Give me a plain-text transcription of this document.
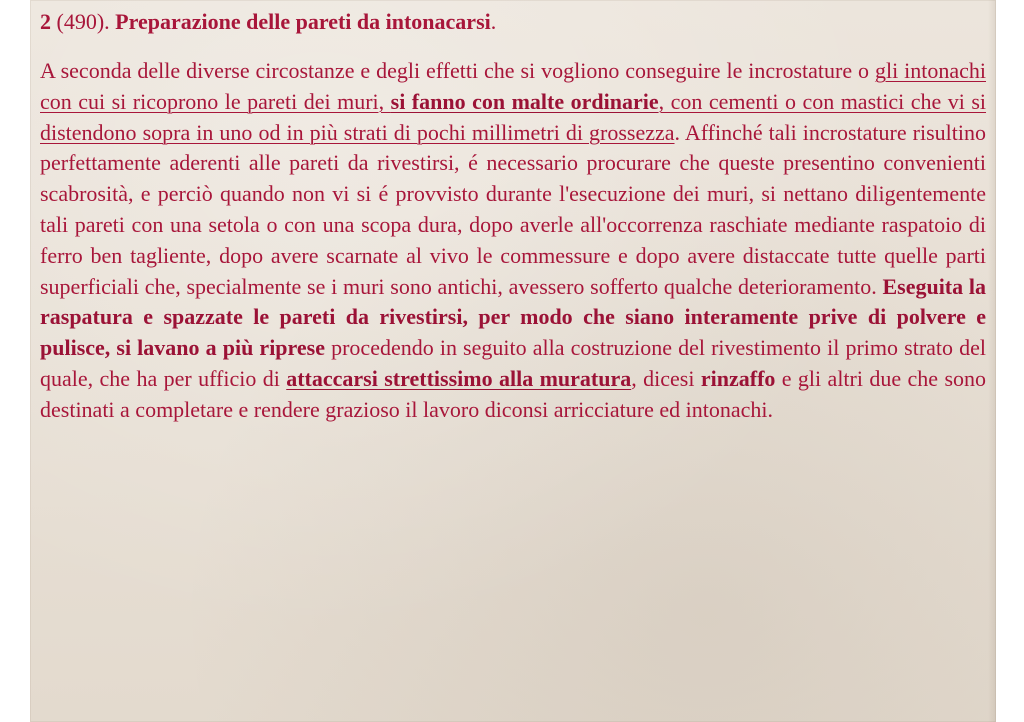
2 (490). Preparazione delle pareti da intonacarsi.

A seconda delle diverse circostanze e degli effetti che si vogliono conseguire le incrostature o gli intonachi con cui si ricoprono le pareti dei muri, si fanno con malte ordinarie, con cementi o con mastici che vi si distendono sopra in uno od in più strati di pochi millimetri di grossezza. Affinché tali incrostature risultino perfettamente aderenti alle pareti da rivestirsi, é necessario procurare che queste presentino convenienti scabrosità, e perciò quando non vi si é provvisto durante l'esecuzione dei muri, si nettano diligentemente tali pareti con una setola o con una scopa dura, dopo averle all'occorrenza raschiate mediante raspatoio di ferro ben tagliente, dopo avere scarnate al vivo le commessure e dopo avere distaccate tutte quelle parti superficiali che, specialmente se i muri sono antichi, avessero sofferto qualche deterioramento. Eseguita la raspatura e spazzate le pareti da rivestirsi, per modo che siano interamente prive di polvere e pulisce, si lavano a più riprese procedendo in seguito alla costruzione del rivestimento il primo strato del quale, che ha per ufficio di attaccarsi strettissimo alla muratura, dicesi rinzaffo e gli altri due che sono destinati a completare e rendere grazioso il lavoro diconsi arricciature ed intonachi.
